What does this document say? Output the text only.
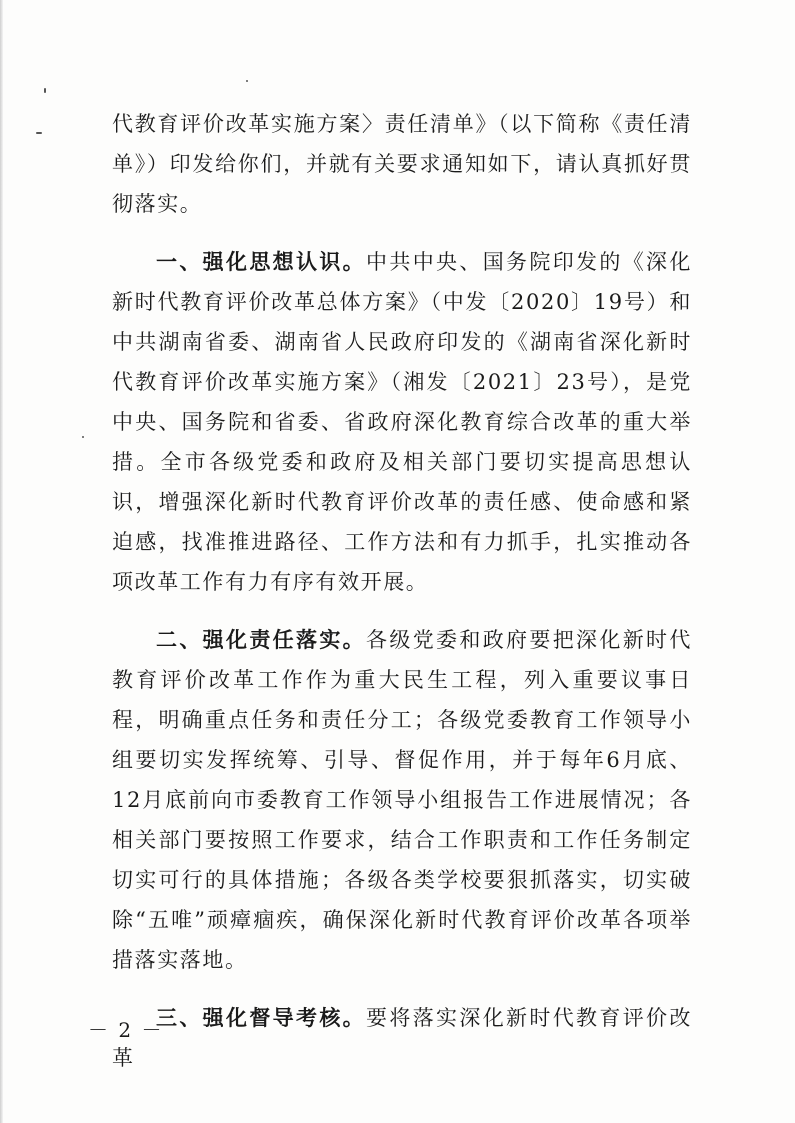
代教育评价改革实施方案〉责任清单》（以下简称《责任清单》）印发给你们，并就有关要求通知如下，请认真抓好贯彻落实。

一、强化思想认识。中共中央、国务院印发的《深化新时代教育评价改革总体方案》（中发〔2020〕19号）和中共湖南省委、湖南省人民政府印发的《湖南省深化新时代教育评价改革实施方案》（湘发〔2021〕23号），是党中央、国务院和省委、省政府深化教育综合改革的重大举措。全市各级党委和政府及相关部门要切实提高思想认识，增强深化新时代教育评价改革的责任感、使命感和紧迫感，找准推进路径、工作方法和有力抓手，扎实推动各项改革工作有力有序有效开展。

二、强化责任落实。各级党委和政府要把深化新时代教育评价改革工作作为重大民生工程，列入重要议事日程，明确重点任务和责任分工；各级党委教育工作领导小组要切实发挥统筹、引导、督促作用，并于每年6月底、12月底前向市委教育工作领导小组报告工作进展情况；各相关部门要按照工作要求，结合工作职责和工作任务制定切实可行的具体措施；各级各类学校要狠抓落实，切实破除“五唯”顽瘴痼疾，确保深化新时代教育评价改革各项举措落实落地。

三、强化督导考核。要将落实深化新时代教育评价改革

－ 2 －
